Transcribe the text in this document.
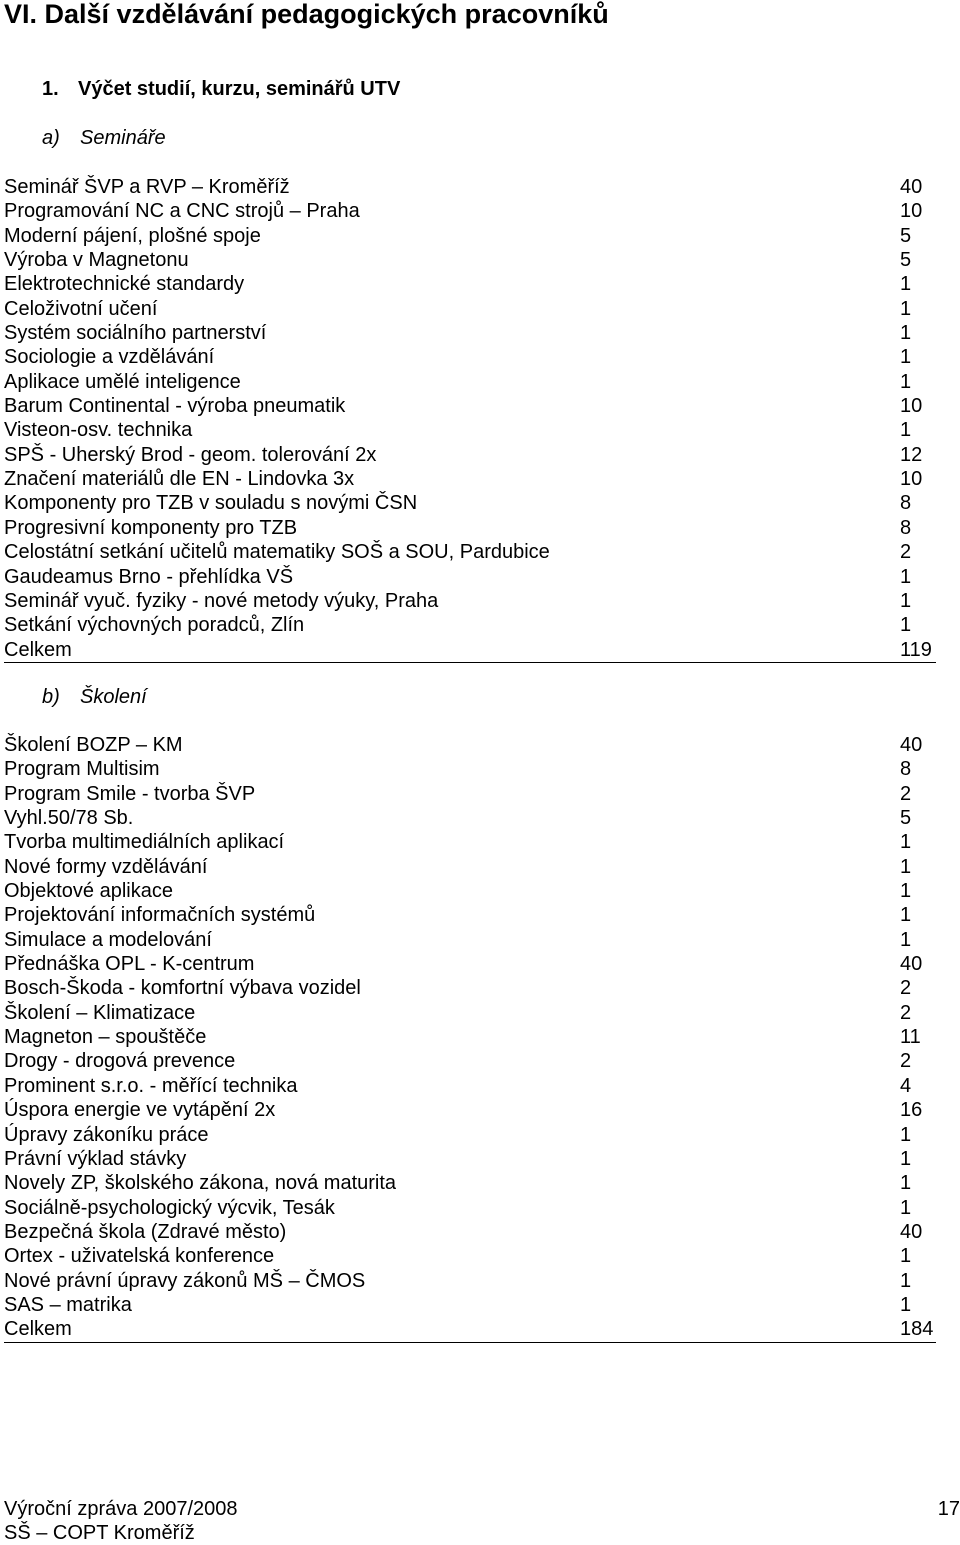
VI. Další vzdělávání pedagogických pracovníků
1. Výčet studií, kurzu, seminářů UTV
a) Semináře
Seminář ŠVP a RVP – Kroměříž	40
Programování NC a CNC strojů – Praha	10
Moderní pájení, plošné spoje	5
Výroba v Magnetonu	5
Elektrotechnické standardy	1
Celoživotní učení	1
Systém sociálního partnerství	1
Sociologie a vzdělávání	1
Aplikace umělé inteligence	1
Barum Continental - výroba pneumatik	10
Visteon-osv. technika	1
SPŠ - Uherský Brod - geom. tolerování 2x	12
Značení materiálů dle EN - Lindovka 3x	10
Komponenty pro TZB v souladu s novými ČSN	8
Progresivní komponenty pro TZB	8
Celostátní setkání učitelů matematiky SOŠ a SOU, Pardubice	2
Gaudeamus Brno - přehlídka VŠ	1
Seminář vyuč. fyziky - nové metody výuky, Praha	1
Setkání výchovných poradců, Zlín	1
Celkem	119
b) Školení
Školení BOZP – KM	40
Program Multisim	8
Program Smile - tvorba ŠVP	2
Vyhl.50/78 Sb.	5
Tvorba multimediálních aplikací	1
Nové formy vzdělávání	1
Objektové aplikace	1
Projektování informačních systémů	1
Simulace a modelování	1
Přednáška OPL - K-centrum	40
Bosch-Škoda - komfortní výbava vozidel	2
Školení – Klimatizace	2
Magneton – spouštěče	11
Drogy - drogová prevence	2
Prominent s.r.o. - měřící technika	4
Úspora energie ve vytápění 2x	16
Úpravy zákoníku práce	1
Právní výklad stávky	1
Novely ZP, školského zákona, nová maturita	1
Sociálně-psychologický výcvik, Tesák	1
Bezpečná škola (Zdravé město)	40
Ortex - uživatelská konference	1
Nové právní úpravy zákonů MŠ – ČMOS	1
SAS – matrika	1
Celkem	184
Výroční zpráva 2007/2008	17
SŠ – COPT Kroměříž
